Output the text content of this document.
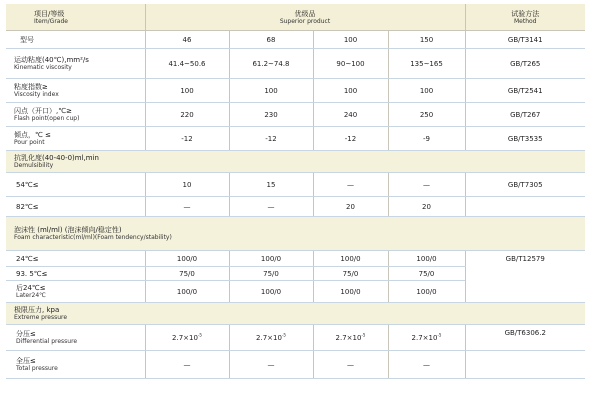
项目/等级
Item/Grade	优级品
Superior product				试验方法
Method

型号	46	68	100	150	GB/T3141
运动粘度(40℃),mm²/s
Kinematic viscosity	41.4~50.6	61.2~74.8	90~100	135~165	GB/T265
粘度指数≥
Viscosity index	100	100	100	100	GB/T2541
闪点（开口）,℃≥
Flash point(open cup)	220	230	240	250	GB/T267
倾点，℃ ≤
Pour point	-12	-12	-12	-9	GB/T3535
抗乳化度(40-40-0)ml,min
Demulsibility					

54℃≤	10	15	—	—	GB/T7305
82℃≤	—	—	20	20	
泡沫性 (ml/ml) (泡沫倾向/稳定性)
Foam characteristic(ml/ml)(Foam tendency/stability)					

24℃≤	100/0	100/0	100/0	100/0	GB/T12579
93. 5℃≤	75/0	75/0	75/0	75/0	
后24℃≤
Later24℃	100/0	100/0	100/0	100/0	
极限压力, kpa
Extreme pressure					

分压≤
Differential pressure	$2.7\times 10^{-5}$	$2.7\times 10^{-5}$	$2.7\times 10^{-5}$	$2.7\times 10^{-5}$	GB/T6306.2
全压≤
Total pressure	—	—	—	—	
